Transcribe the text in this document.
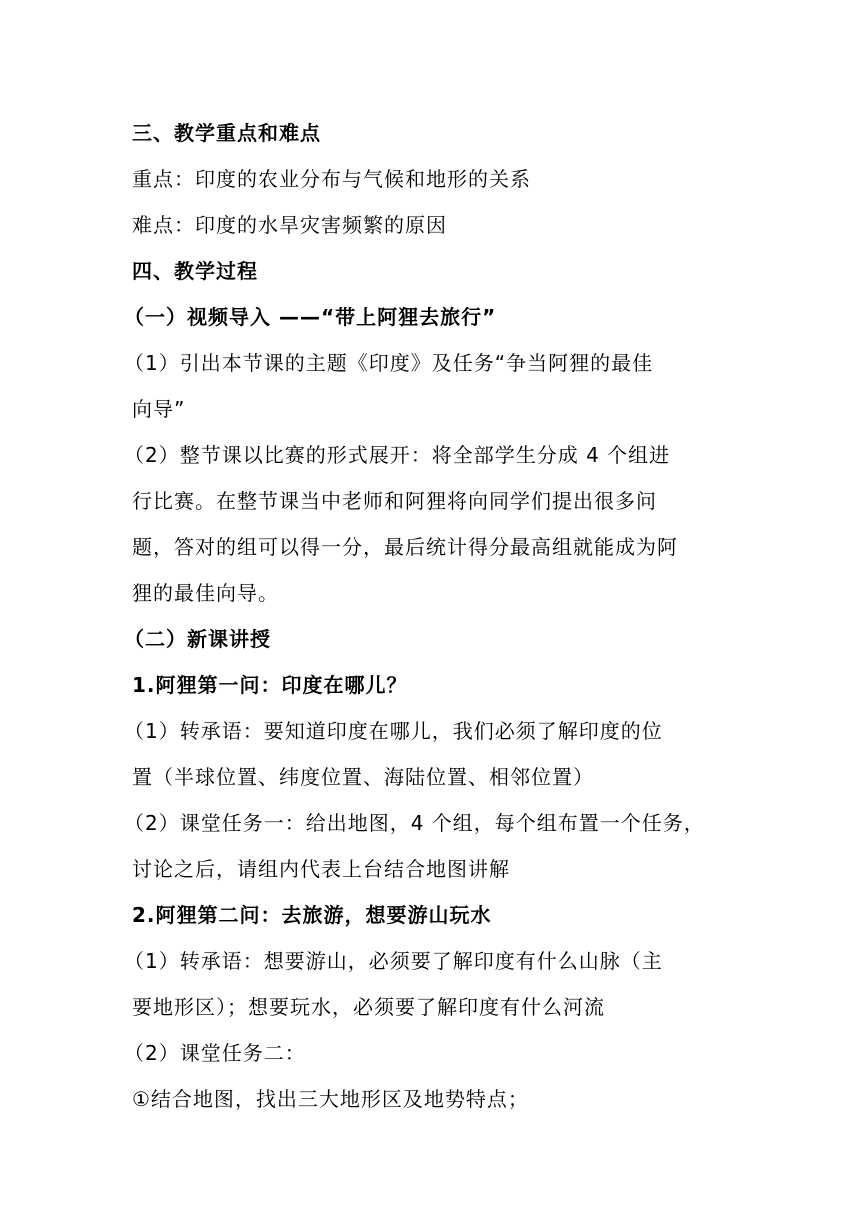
三、教学重点和难点
重点：印度的农业分布与气候和地形的关系
难点：印度的水旱灾害频繁的原因
四、教学过程
（一）视频导入 ——“带上阿狸去旅行”
（1）引出本节课的主题《印度》及任务“争当阿狸的最佳
向导”
（2）整节课以比赛的形式展开：将全部学生分成 4 个组进
行比赛。在整节课当中老师和阿狸将向同学们提出很多问
题，答对的组可以得一分，最后统计得分最高组就能成为阿
狸的最佳向导。
（二）新课讲授
1.阿狸第一问：印度在哪儿？
（1）转承语：要知道印度在哪儿，我们必须了解印度的位
置（半球位置、纬度位置、海陆位置、相邻位置）
（2）课堂任务一：给出地图，4 个组，每个组布置一个任务，
讨论之后，请组内代表上台结合地图讲解
2.阿狸第二问：去旅游，想要游山玩水
（1）转承语：想要游山，必须要了解印度有什么山脉（主
要地形区）；想要玩水，必须要了解印度有什么河流
（2）课堂任务二：
①结合地图，找出三大地形区及地势特点；
